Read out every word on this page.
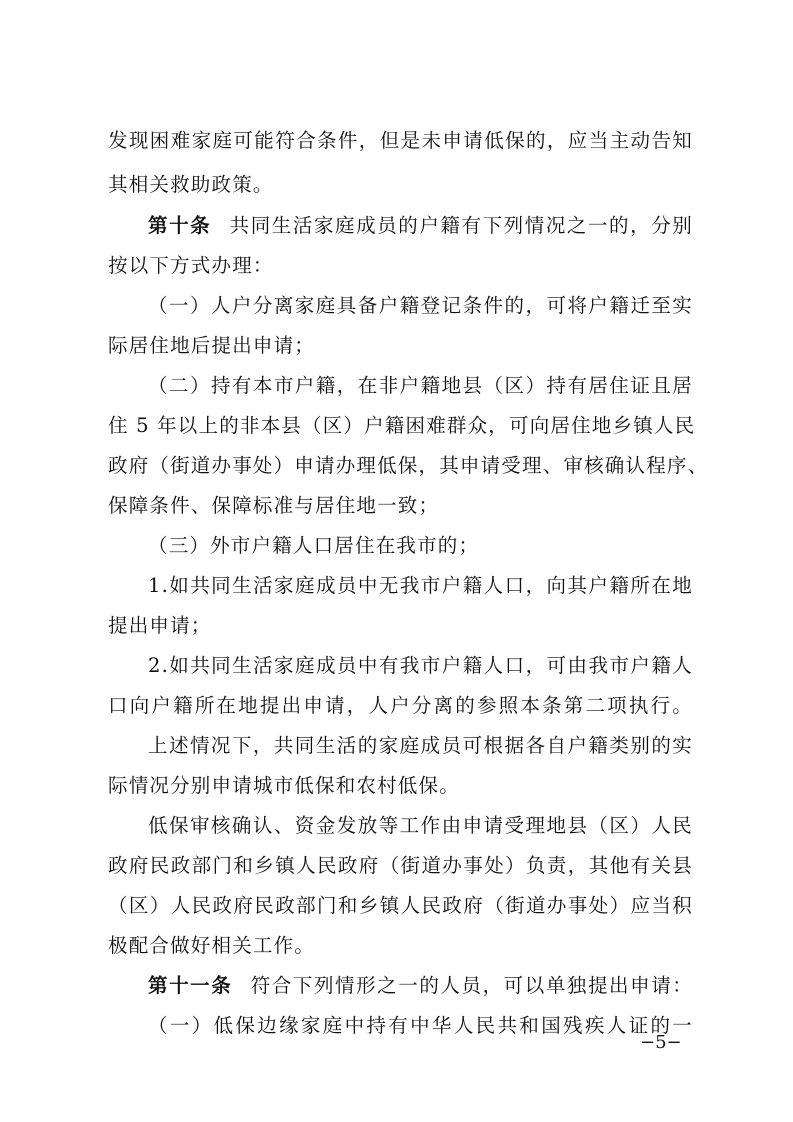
发现困难家庭可能符合条件，但是未申请低保的，应当主动告知
其相关救助政策。
第十条 共同生活家庭成员的户籍有下列情况之一的，分别
按以下方式办理：
（一）人户分离家庭具备户籍登记条件的，可将户籍迁至实
际居住地后提出申请；
（二）持有本市户籍，在非户籍地县（区）持有居住证且居
住 5 年以上的非本县（区）户籍困难群众，可向居住地乡镇人民
政府（街道办事处）申请办理低保，其申请受理、审核确认程序、
保障条件、保障标准与居住地一致；
（三）外市户籍人口居住在我市的；
1.如共同生活家庭成员中无我市户籍人口，向其户籍所在地
提出申请；
2.如共同生活家庭成员中有我市户籍人口，可由我市户籍人
口向户籍所在地提出申请，人户分离的参照本条第二项执行。
上述情况下，共同生活的家庭成员可根据各自户籍类别的实
际情况分别申请城市低保和农村低保。
低保审核确认、资金发放等工作由申请受理地县（区）人民
政府民政部门和乡镇人民政府（街道办事处）负责，其他有关县
（区）人民政府民政部门和乡镇人民政府（街道办事处）应当积
极配合做好相关工作。
第十一条 符合下列情形之一的人员，可以单独提出申请：
（一）低保边缘家庭中持有中华人民共和国残疾人证的一
−5−
